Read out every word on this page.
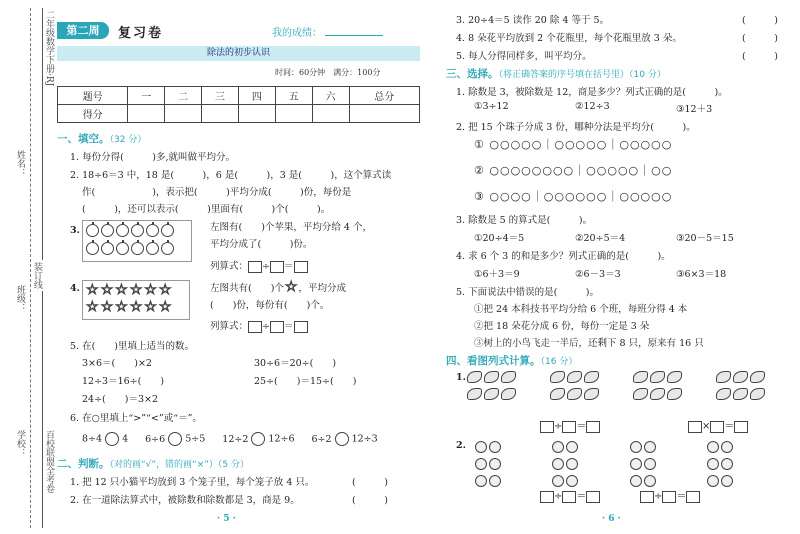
二年级数学下册·RJ
姓名：
班级：
学校：
装订线
百校联盟全考卷
第二周	复习卷	我的成绩：
除法的初步认识
时间：60分钟　满分：100分
题号	一	二	三	四	五	六	总分
得分							
一、填空。（32 分）
1. 每份分得(　　　)多,就叫做平均分。
2. 18÷6＝3 中，18 是(　　　)，6 是(　　　)，3 是(　　　)，这个算式读
作(　　　　　　)，表示把(　　　)平均分成(　　　)份，每份是
(　　　)，还可以表示(　　　)里面有(　　　)个(　　　)。
3.	左图有(　　)个苹果，平均分给 4 个，
平均分成了(　　　)份。
列算式： ÷ ＝
4. ☆ ☆ ☆ ☆ ☆ ☆
☆ ☆ ☆ ☆ ☆ ☆
左图共有(　　)个☆，平均分成
(　　)份，每份有(　　)个。
列算式： ÷ ＝
5. 在(　　)里填上适当的数。
3×6＝(　　)×2	30÷6＝20÷(　　)
12÷3＝16÷(　　)	25÷(　　)＝15÷(　　)
24÷(　　)＝3×2
6. 在○里填上“>”“<”或“＝”。
8÷4 4 6÷6 5÷5 12÷2 12÷6 6÷2 12÷3
二、判断。（对的画“√”，错的画“×”）（5 分）
1. 把 12 只小猫平均放到 3 个笼子里，每个笼子放 4 只。	(　　　)
2. 在一道除法算式中，被除数和除数都是 3，商是 9。	(　　　)
· 5 ·
3. 20÷4＝5 读作 20 除 4 等于 5。	(　　　)
4. 8 朵花平均放到 2 个花瓶里，每个花瓶里放 3 朵。	(　　　)
5. 每人分得同样多，叫平均分。	(　　　)
三、选择。（将正确答案的序号填在括号里）（10 分）
1. 除数是 3，被除数是 12，商是多少？列式正确的是(　　　)。
①3÷12	②12÷3	③12＋3
2. 把 15 个珠子分成 3 份，哪种分法是平均分(　　　)。
① ○○○○○｜○○○○○｜○○○○○
② ○○○○○○○○｜○○○○○｜○○
③ ○○○○｜○○○○○○｜○○○○○
3. 除数是 5 的算式是(　　　)。
①20÷4＝5	②20÷5＝4	③20－5＝15
4. 求 6 个 3 的和是多少？列式正确的是(　　　)。
①6＋3＝9	②6－3＝3	③6×3＝18
5. 下面说法中错误的是(　　　)。
①把 24 本科技书平均分给 6 个班，每班分得 4 本
②把 18 朵花分成 6 份，每份一定是 3 朵
③树上的小鸟飞走一半后，还剩下 8 只，原来有 16 只
四、看图列式计算。（16 分）
1.

÷ ＝	× ＝
2.

÷ ＝	÷ ＝
· 6 ·
